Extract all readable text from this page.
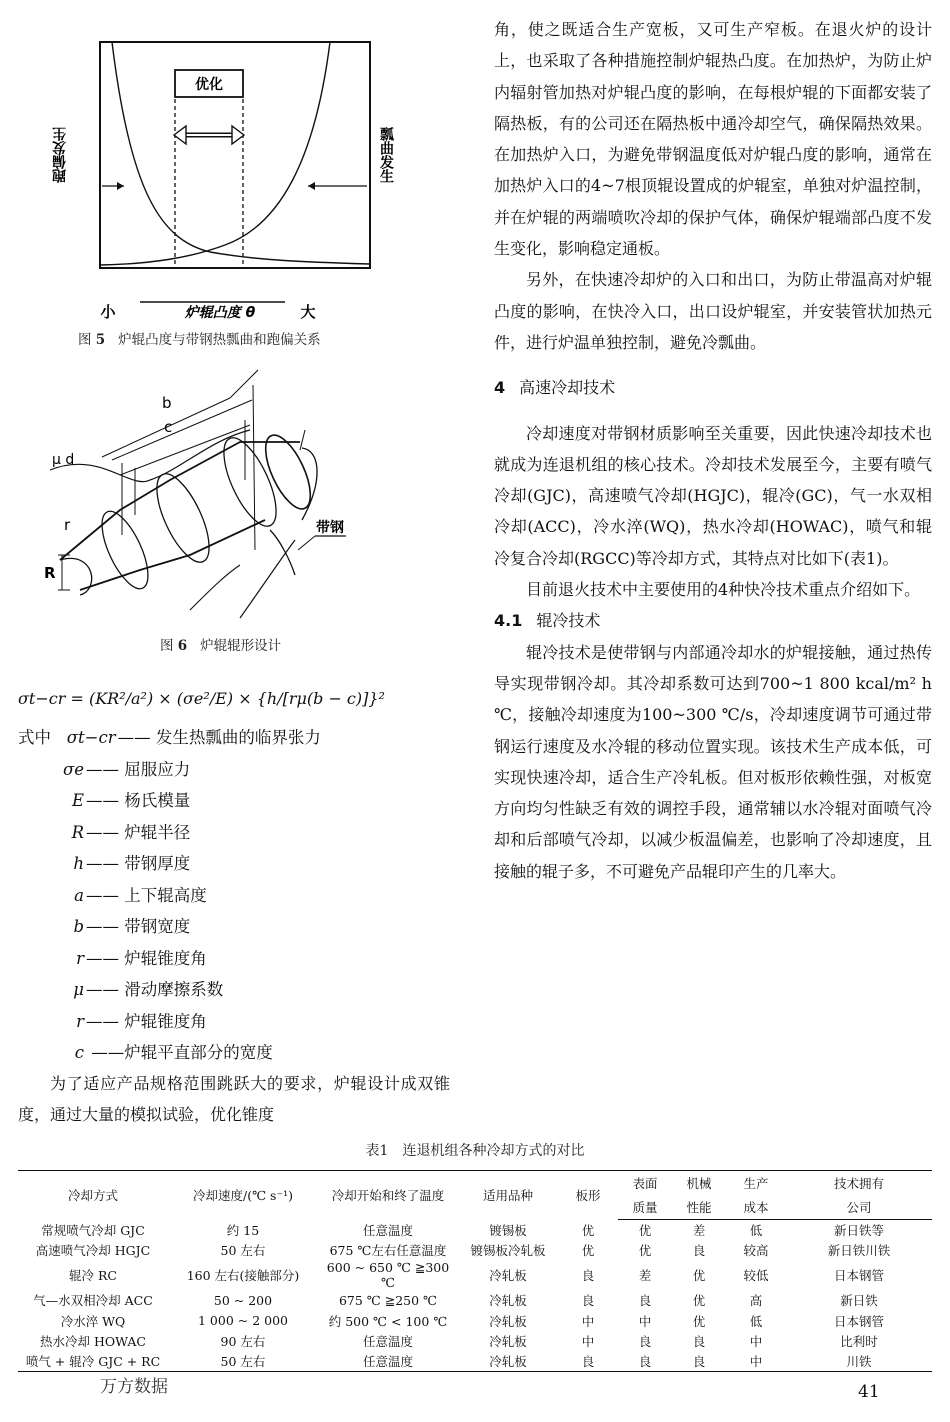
优化
跑偏发生	瓢曲发生
小	炉辊凸度 θ	大
图 5 炉辊凸度与带钢热瓢曲和跑偏关系
b
c
μ d
r
R
带钢
图 6 炉辊辊形设计
σt−cr = (KR²/a²) × (σe²/E) × {h/[rμ(b − c)]}²
式中 σt−cr —— 发生热瓢曲的临界张力
σe —— 屈服应力
E —— 杨氏模量
R —— 炉辊半径
h —— 带钢厚度
a —— 上下辊高度
b —— 带钢宽度
r —— 炉辊锥度角
μ —— 滑动摩擦系数
r —— 炉辊锥度角
c ——炉辊平直部分的宽度

为了适应产品规格范围跳跃大的要求，炉辊设计成双锥度，通过大量的模拟试验，优化锥度

角，使之既适合生产宽板，又可生产窄板。在退火炉的设计上，也采取了各种措施控制炉辊热凸度。在加热炉，为防止炉内辐射管加热对炉辊凸度的影响，在每根炉辊的下面都安装了隔热板，有的公司还在隔热板中通冷却空气，确保隔热效果。在加热炉入口，为避免带钢温度低对炉辊凸度的影响，通常在加热炉入口的4~7根顶辊设置成的炉辊室，单独对炉温控制，并在炉辊的两端喷吹冷却的保护气体，确保炉辊端部凸度不发生变化，影响稳定通板。

另外，在快速冷却炉的入口和出口，为防止带温高对炉辊凸度的影响，在快冷入口，出口设炉辊室，并安装管状加热元件，进行炉温单独控制，避免冷瓢曲。

4 高速冷却技术

冷却速度对带钢材质影响至关重要，因此快速冷却技术也就成为连退机组的核心技术。冷却技术发展至今，主要有喷气冷却(GJC)，高速喷气冷却(HGJC)，辊冷(GC)，气一水双相冷却(ACC)，冷水淬(WQ)，热水冷却(HOWAC)，喷气和辊冷复合冷却(RGCC)等冷却方式，其特点对比如下(表1)。

目前退火技术中主要使用的4种快冷技术重点介绍如下。

4.1 辊冷技术

辊冷技术是使带钢与内部通冷却水的炉辊接触，通过热传导实现带钢冷却。其冷却系数可达到700~1 800 kcal/m² h ℃，接触冷却速度为100~300 ℃/s，冷却速度调节可通过带钢运行速度及水冷辊的移动位置实现。该技术生产成本低，可实现快速冷却，适合生产冷轧板。但对板形依赖性强，对板宽方向均匀性缺乏有效的调控手段，通常辅以水冷辊对面喷气冷却和后部喷气冷却，以减少板温偏差，也影响了冷却速度，且接触的辊子多，不可避免产品辊印产生的几率大。

表1　连退机组各种冷却方式的对比
冷却方式	冷却速度/(℃ s⁻¹)	冷却开始和终了温度	适用品种	板形	表面	机械	生产	技术拥有
					质量	性能	成本	公司
常规喷气冷却 GJC	约 15	任意温度	镀锡板	优	优	差	低	新日铁等
高速喷气冷却 HGJC	50 左右	675 ℃左右任意温度	镀锡板冷轧板	优	优	良	较高	新日铁川铁
辊冷 RC	160 左右(接触部分)	600 ~ 650 ℃ ≧300 ℃	冷轧板	良	差	优	较低	日本钢管
气—水双相冷却 ACC	50 ~ 200	675 ℃ ≧250 ℃	冷轧板	良	良	优	高	新日铁
冷水淬 WQ	1 000 ~ 2 000	约 500 ℃ < 100 ℃	冷轧板	中	中	优	低	日本钢管
热水冷却 HOWAC	90 左右	任意温度	冷轧板	中	良	良	中	比利时
喷气 + 辊冷 GJC + RC	50 左右	任意温度	冷轧板	良	良	良	中	川铁
万方数据	41
